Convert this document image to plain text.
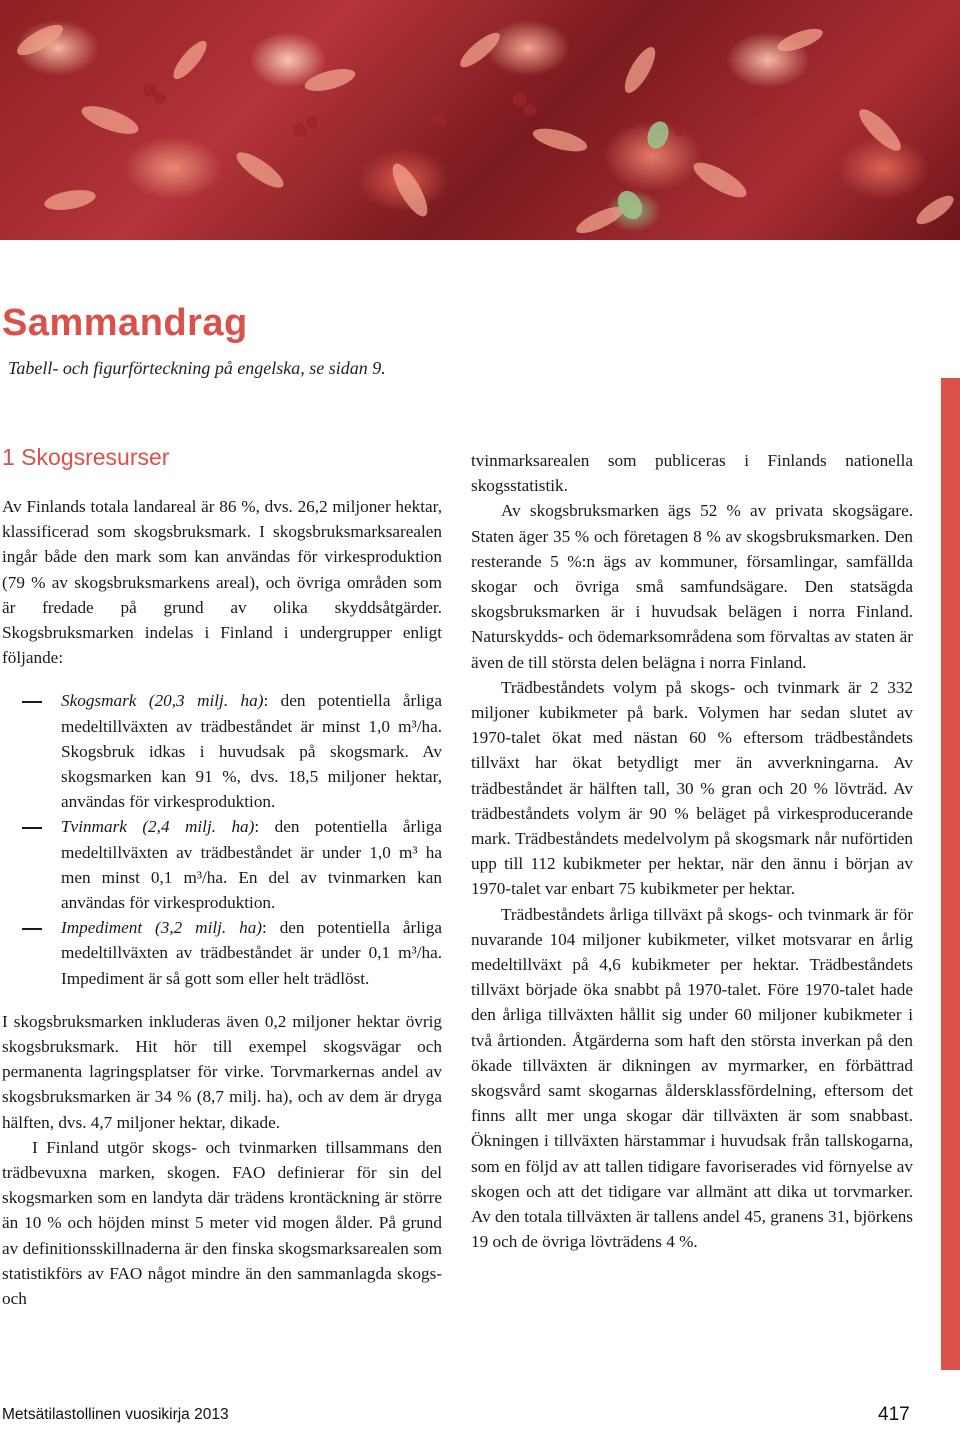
Sammandrag

Tabell- och figurförteckning på engelska, se sidan 9.

1 Skogsresurser

Av Finlands totala landareal är 86 %, dvs. 26,2 miljoner hektar, klassificerad som skogsbruksmark. I skogsbruksmarksarealen ingår både den mark som kan användas för virkesproduktion (79 % av skogsbruksmarkens areal), och övriga områden som är fredade på grund av olika skyddsåtgärder. Skogsbruksmarken indelas i Finland i undergrupper enligt följande:

Skogsmark (20,3 milj. ha): den potentiella årliga medeltillväxten av trädbeståndet är minst 1,0 m³/ha. Skogsbruk idkas i huvudsak på skogsmark. Av skogsmarken kan 91 %, dvs. 18,5 miljoner hektar, användas för virkesproduktion.
Tvinmark (2,4 milj. ha): den potentiella årliga medeltillväxten av trädbeståndet är under 1,0 m³ ha men minst 0,1 m³/ha. En del av tvinmarken kan användas för virkesproduktion.
Impediment (3,2 milj. ha): den potentiella årliga medeltillväxten av trädbeståndet är under 0,1 m³/ha. Impediment är så gott som eller helt trädlöst.

I skogsbruksmarken inkluderas även 0,2 miljoner hektar övrig skogsbruksmark. Hit hör till exempel skogsvägar och permanenta lagringsplatser för virke. Torvmarkernas andel av skogsbruksmarken är 34 % (8,7 milj. ha), och av dem är dryga hälften, dvs. 4,7 miljoner hektar, dikade.

I Finland utgör skogs- och tvinmarken tillsammans den trädbevuxna marken, skogen. FAO definierar för sin del skogsmarken som en landyta där trädens krontäckning är större än 10 % och höjden minst 5 meter vid mogen ålder. På grund av definitionsskillnaderna är den finska skogsmarksarealen som statistikförs av FAO något mindre än den sammanlagda skogs- och

tvinmarksarealen som publiceras i Finlands nationella skogsstatistik.

Av skogsbruksmarken ägs 52 % av privata skogsägare. Staten äger 35 % och företagen 8 % av skogsbruksmarken. Den resterande 5 %:n ägs av kommuner, församlingar, samfällda skogar och övriga små samfundsägare. Den statsägda skogsbruksmarken är i huvudsak belägen i norra Finland. Naturskydds- och ödemarksområdena som förvaltas av staten är även de till största delen belägna i norra Finland.

Trädbeståndets volym på skogs- och tvinmark är 2 332 miljoner kubikmeter på bark. Volymen har sedan slutet av 1970-talet ökat med nästan 60 % eftersom trädbeståndets tillväxt har ökat betydligt mer än avverkningarna. Av trädbeståndet är hälften tall, 30 % gran och 20 % lövträd. Av trädbeståndets volym är 90 % beläget på virkesproducerande mark. Trädbeståndets medelvolym på skogsmark når nuförtiden upp till 112 kubikmeter per hektar, när den ännu i början av 1970-talet var enbart 75 kubikmeter per hektar.

Trädbeståndets årliga tillväxt på skogs- och tvinmark är för nuvarande 104 miljoner kubikmeter, vilket motsvarar en årlig medeltillväxt på 4,6 kubikmeter per hektar. Trädbeståndets tillväxt började öka snabbt på 1970-talet. Före 1970-talet hade den årliga tillväxten hållit sig under 60 miljoner kubikmeter i två årtionden. Åtgärderna som haft den största inverkan på den ökade tillväxten är dikningen av myrmarker, en förbättrad skogsvård samt skogarnas åldersklassfördelning, eftersom det finns allt mer unga skogar där tillväxten är som snabbast. Ökningen i tillväxten härstammar i huvudsak från tallskogarna, som en följd av att tallen tidigare favoriserades vid förnyelse av skogen och att det tidigare var allmänt att dika ut torvmarker. Av den totala tillväxten är tallens andel 45, granens 31, björkens 19 och de övriga lövträdens 4 %.

Metsätilastollinen vuosikirja 2013	417
